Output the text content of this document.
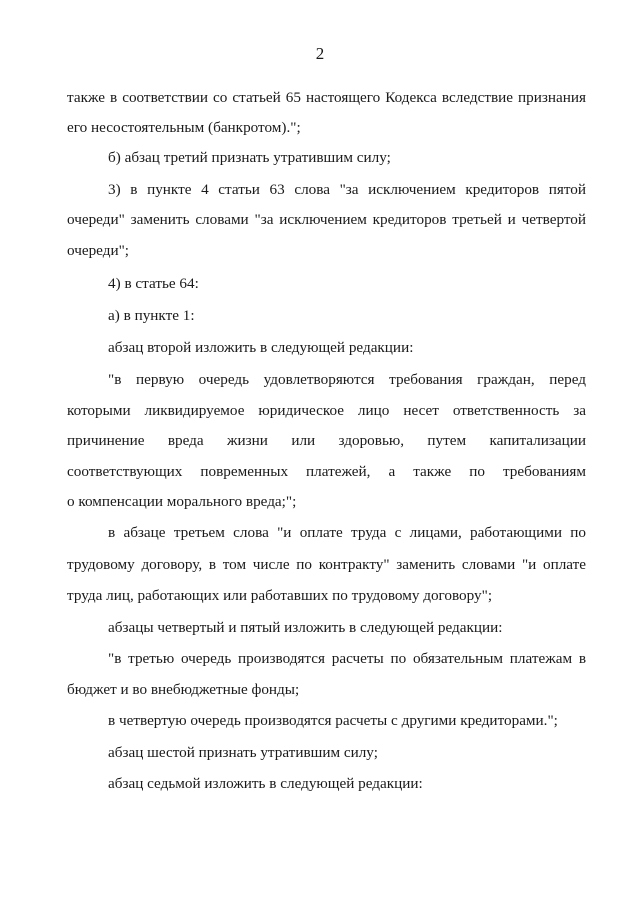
2
также в соответствии со статьей 65 настоящего Кодекса вследствие признания
его несостоятельным (банкротом).";
б) абзац третий признать утратившим силу;
3) в пункте 4 статьи 63 слова "за исключением кредиторов пятой
очереди" заменить словами "за исключением кредиторов третьей и четвертой
очереди";
4) в статье 64:
а) в пункте 1:
абзац второй изложить в следующей редакции:
"в первую очередь удовлетворяются требования граждан, перед
которыми ликвидируемое юридическое лицо несет ответственность за
причинение вреда жизни или здоровью, путем капитализации
соответствующих повременных платежей, а также по требованиям
о компенсации морального вреда;";
в абзаце третьем слова "и оплате труда с лицами, работающими по
трудовому договору, в том числе по контракту" заменить словами "и оплате
труда лиц, работающих или работавших по трудовому договору";
абзацы четвертый и пятый изложить в следующей редакции:
"в третью очередь производятся расчеты по обязательным платежам в
бюджет и во внебюджетные фонды;
в четвертую очередь производятся расчеты с другими кредиторами.";
абзац шестой признать утратившим силу;
абзац седьмой изложить в следующей редакции:
